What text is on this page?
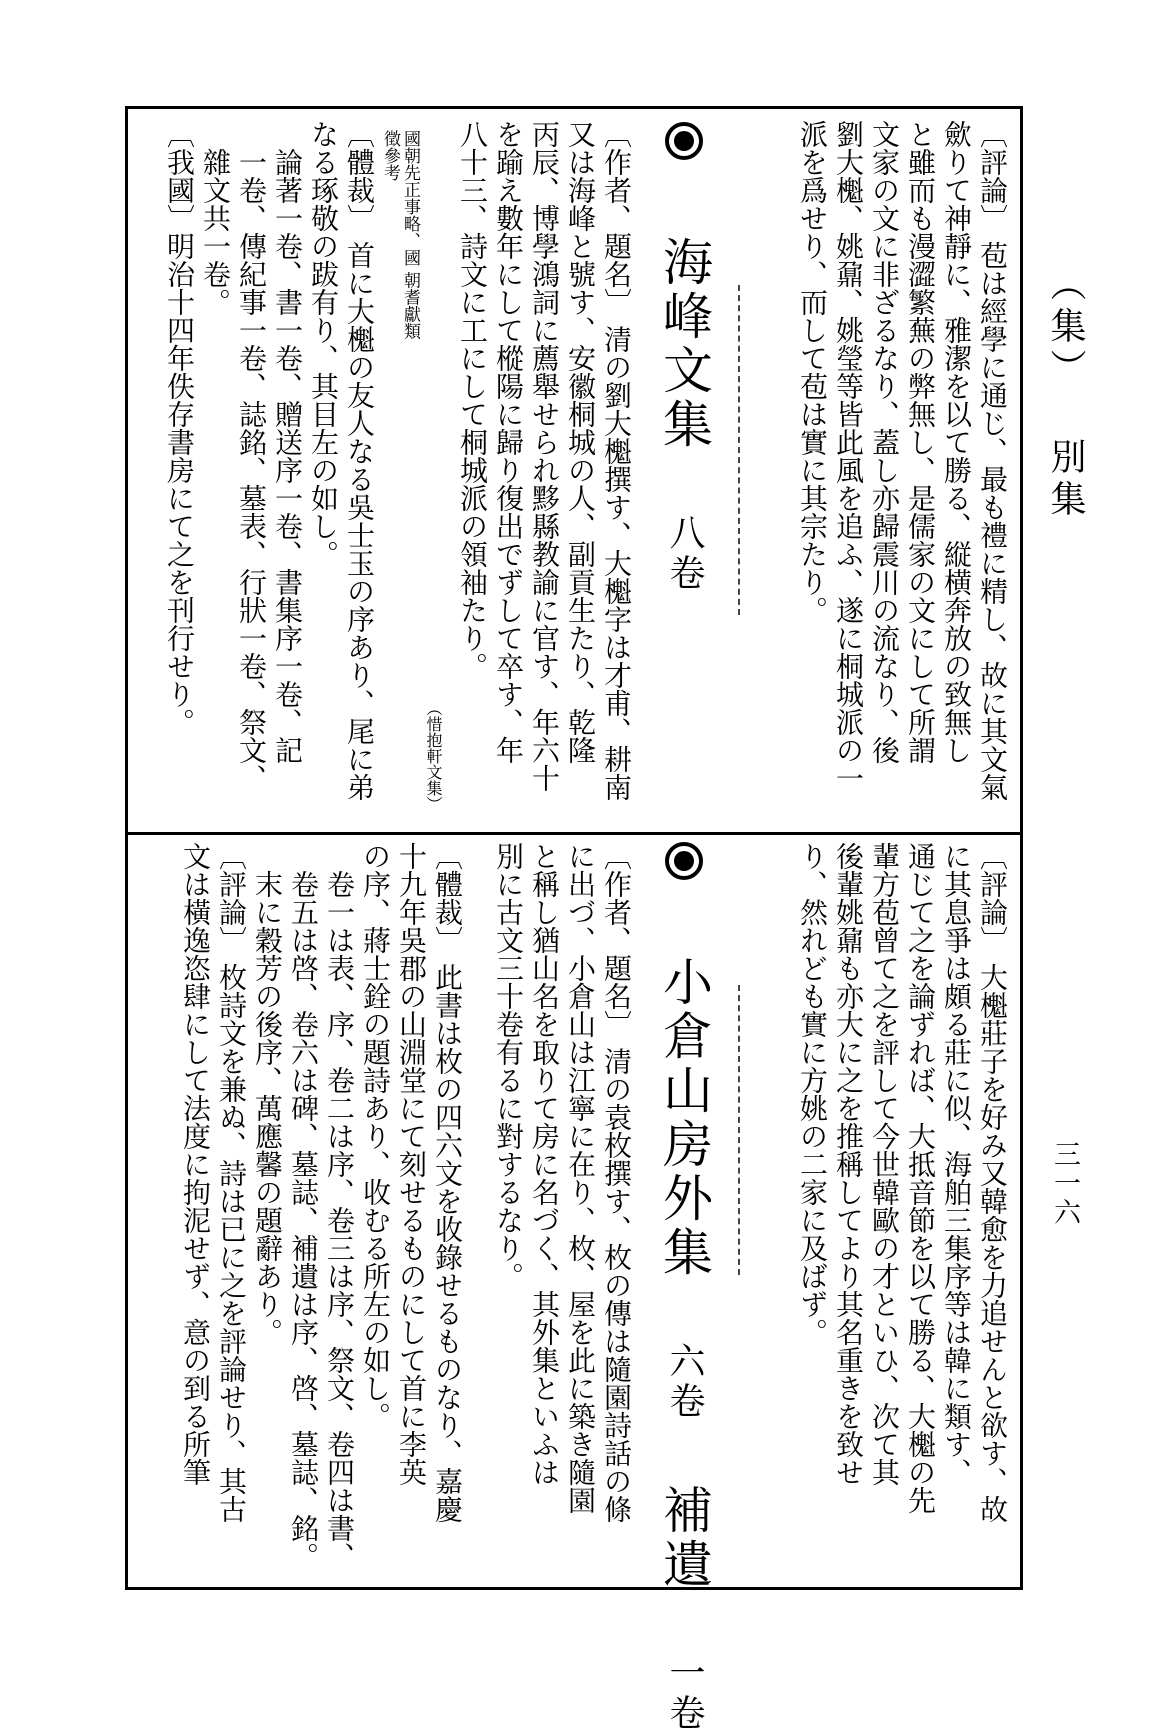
（集） 別集
三一六
〔評論〕 苞は經學に通じ、最も禮に精し、故に其文氣
歛りて神靜に、雅潔を以て勝る、縦横奔放の致無し
と雖而も漫澀繁蕪の弊無し、是儒家の文にして所謂
文家の文に非ざるなり、蓋し亦歸震川の流なり、後
劉大櫆、姚鼐、姚瑩等皆此風を追ふ、遂に桐城派の一
派を爲せり、而して苞は實に其宗たり。
海峰文集 八卷
〔作者、題名〕 清の劉大櫆撰す、大櫆字は才甫、耕南
又は海峰と號す、安徽桐城の人、副貢生たり、乾隆
丙辰、博學鴻詞に薦舉せられ黟縣教諭に官す、年六十
を踰え數年にして樅陽に歸り復出でずして卒す、年
八十三、詩文に工にして桐城派の領袖たり。
（惜抱軒文集）
國朝先正事略、國 朝耆獻類徵參考
〔體裁〕 首に大櫆の友人なる吳士玉の序あり、尾に弟
なる琢敬の跋有り、其目左の如し。
　論著一卷、書一卷、贈送序一卷、書集序一卷、記
　一卷、傳紀事一卷、誌銘、墓表、行狀一卷、祭文、
　雜文共一卷。
〔我國〕明治十四年佚存書房にて之を刊行せり。
〔評論〕 大櫆莊子を好み又韓愈を力追せんと欲す、故
に其息爭は頗る莊に似、海舶三集序等は韓に類す、
通じて之を論ずれば、大抵音節を以て勝る、大櫆の先
輩方苞曾て之を評して今世韓歐の才といひ、次て其
後輩姚鼐も亦大に之を推稱してより其名重きを致せ
り、然れども實に方姚の二家に及ばず。
小倉山房外集 六卷 補遺 一卷
〔作者、題名〕 清の袁枚撰す、枚の傳は隨園詩話の條
に出づ、小倉山は江寧に在り、枚、屋を此に築き隨園
と稱し猶山名を取りて房に名づく、其外集といふは
別に古文三十卷有るに對するなり。
〔體裁〕 此書は枚の四六文を收錄せるものなり、嘉慶
十九年吳郡の山淵堂にて刻せるものにして首に李英
の序、蔣士銓の題詩あり、收むる所左の如し。
　卷一は表、序、卷二は序、卷三は序、祭文、卷四は書、
　卷五は啓、卷六は碑、墓誌、補遺は序、啓、墓誌、銘。
　末に穀芳の後序、萬應馨の題辭あり。
〔評論〕 枚詩文を兼ぬ、詩は已に之を評論せり、其古
文は橫逸恣肆にして法度に拘泥せず、意の到る所筆
